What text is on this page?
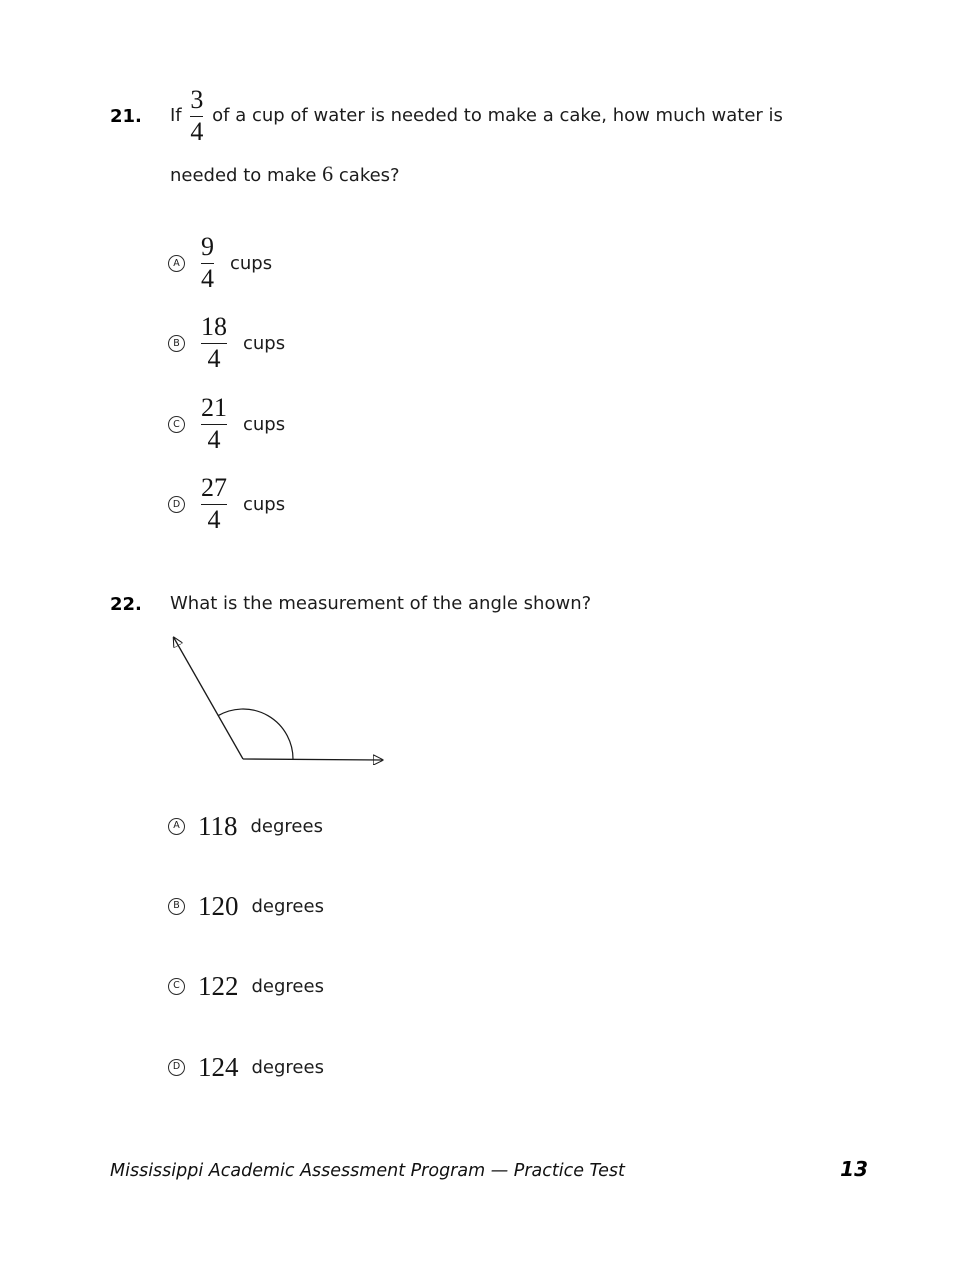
21.	If $\frac{3}{4}$ of a cup of water is needed to make a cake, how much water is
needed to make 6 cakes?
A $\frac{9}{4}$ cups
B $\frac{18}{4}$ cups
C $\frac{21}{4}$ cups
D $\frac{27}{4}$ cups
22.	What is the measurement of the angle shown?
A 118 degrees
B 120 degrees
C 122 degrees
D 124 degrees
Mississippi Academic Assessment Program — Practice Test	13
